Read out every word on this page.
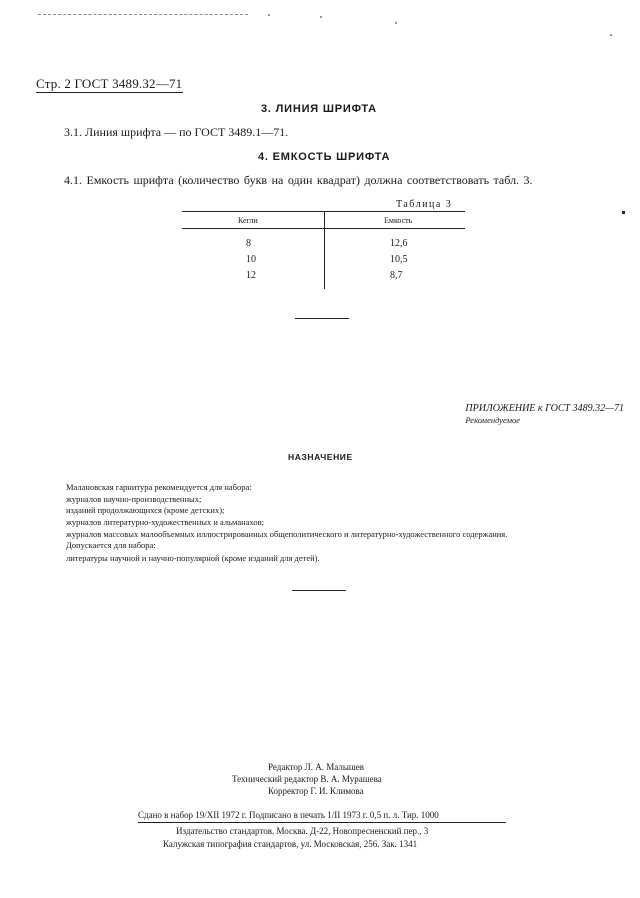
Стр. 2 ГОСТ 3489.32—71
3. ЛИНИЯ ШРИФТА
3.1. Линия шрифта — по ГОСТ 3489.1—71.
4. ЕМКОСТЬ ШРИФТА
4.1. Емкость шрифта (количество букв на один квадрат) должна соответствовать табл. 3.
Таблица 3
Кегли	Емкость
8	12,6
10	10,5
12	8,7
ПРИЛОЖЕНИЕ к ГОСТ 3489.32—71
Рекомендуемое
НАЗНАЧЕНИЕ
Малановская гарнитура рекомендуется для набора:
журналов научно-производственных;
изданий продолжающихся (кроме детских);
журналов литературно-художественных и альманахов;
журналов массовых малообъемных иллюстрированных общеполитического и литературно-художественного содержания.
Допускается для набора:
литературы научной и научно-популярной (кроме изданий для детей).
Редактор Л. А. Малышев
Технический редактор В. А. Мурашева
Корректор Г. И. Климова
Сдано в набор 19/XII 1972 г. Подписано в печать 1/II 1973 г. 0,5 п. л. Тир. 1000
Издательство стандартов. Москва. Д-22, Новопресненский пер., 3
Калужская типография стандартов, ул. Московская, 256. Зак. 1341
